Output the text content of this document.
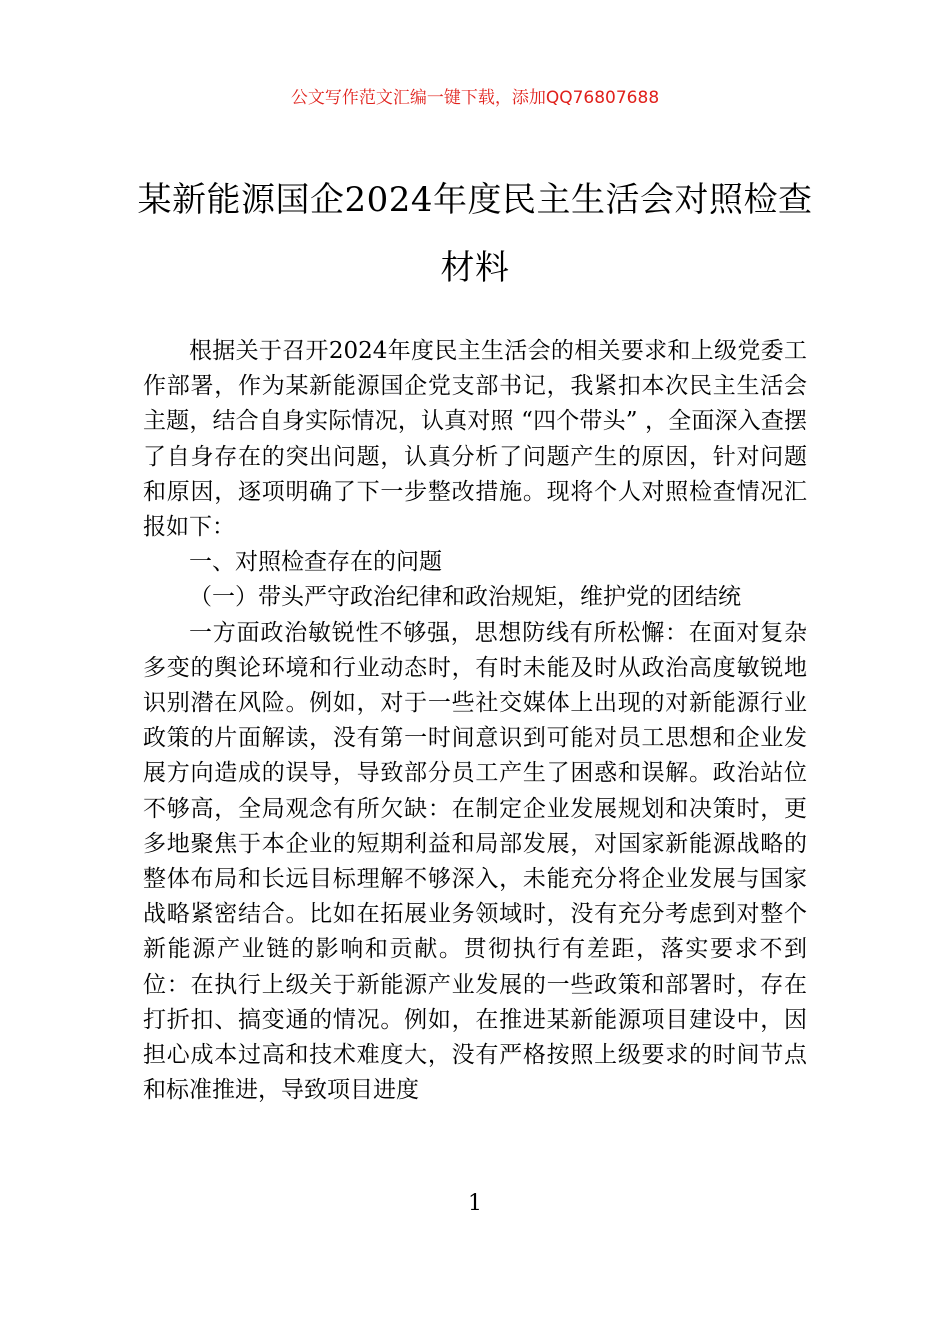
公文写作范文汇编一键下载，添加QQ76807688
某新能源国企2024年度民主生活会对照检查材料

根据关于召开2024年度民主生活会的相关要求和上级党委工作部署，作为某新能源国企党支部书记，我紧扣本次民主生活会主题，结合自身实际情况，认真对照 “四个带头” ，全面深入查摆了自身存在的突出问题，认真分析了问题产生的原因，针对问题和原因，逐项明确了下一步整改措施。现将个人对照检查情况汇报如下：

一、对照检查存在的问题

（一）带头严守政治纪律和政治规矩，维护党的团结统

一方面政治敏锐性不够强，思想防线有所松懈：在面对复杂多变的舆论环境和行业动态时，有时未能及时从政治高度敏锐地识别潜在风险。例如，对于一些社交媒体上出现的对新能源行业政策的片面解读，没有第一时间意识到可能对员工思想和企业发展方向造成的误导，导致部分员工产生了困惑和误解。政治站位不够高，全局观念有所欠缺：在制定企业发展规划和决策时，更多地聚焦于本企业的短期利益和局部发展，对国家新能源战略的整体布局和长远目标理解不够深入，未能充分将企业发展与国家战略紧密结合。比如在拓展业务领域时，没有充分考虑到对整个新能源产业链的影响和贡献。贯彻执行有差距，落实要求不到位：在执行上级关于新能源产业发展的一些政策和部署时，存在打折扣、搞变通的情况。例如，在推进某新能源项目建设中，因担心成本过高和技术难度大，没有严格按照上级要求的时间节点和标准推进，导致项目进度

1
